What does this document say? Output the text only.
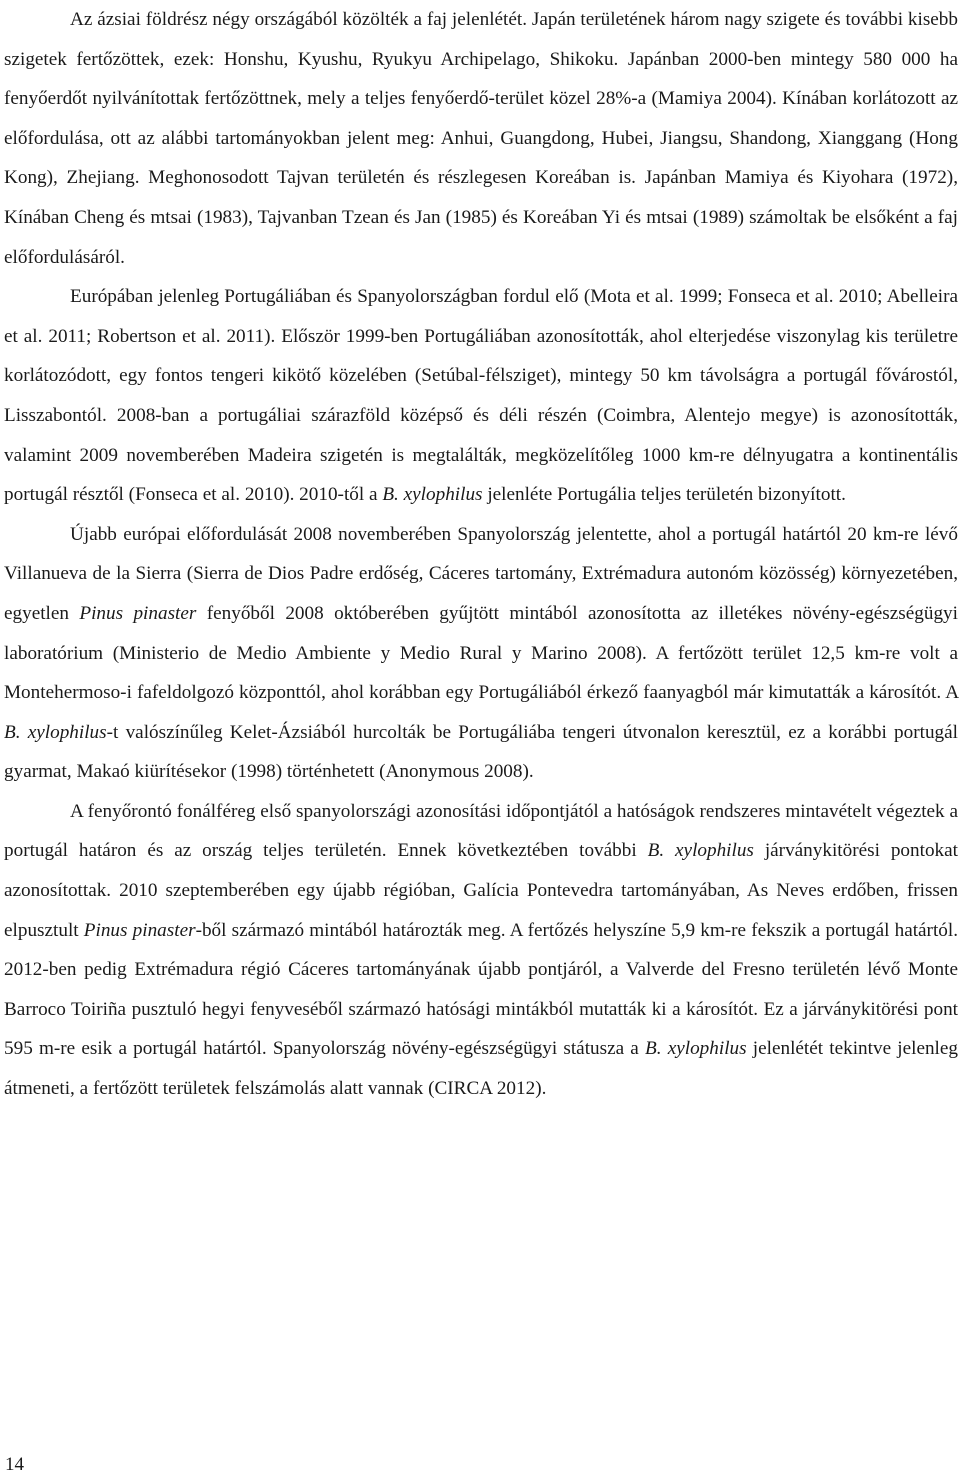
Az ázsiai földrész négy országából közölték a faj jelenlétét. Japán területének három nagy szigete és további kisebb szigetek fertőzöttek, ezek: Honshu, Kyushu, Ryukyu Archipelago, Shikoku. Japánban 2000-ben mintegy 580 000 ha fenyőerdőt nyilvánítottak fertőzöttnek, mely a teljes fenyőerdő-terület közel 28%-a (Mamiya 2004). Kínában korlátozott az előfordulása, ott az alábbi tartományokban jelent meg: Anhui, Guangdong, Hubei, Jiangsu, Shandong, Xianggang (Hong Kong), Zhejiang. Meghonosodott Tajvan területén és részlegesen Koreában is. Japánban Mamiya és Kiyohara (1972), Kínában Cheng és mtsai (1983), Tajvanban Tzean és Jan (1985) és Koreában Yi és mtsai (1989) számoltak be elsőként a faj előfordulásáról.

Európában jelenleg Portugáliában és Spanyolországban fordul elő (Mota et al. 1999; Fonseca et al. 2010; Abelleira et al. 2011; Robertson et al. 2011). Először 1999-ben Portugáliában azonosították, ahol elterjedése viszonylag kis területre korlátozódott, egy fontos tengeri kikötő közelében (Setúbal-félsziget), mintegy 50 km távolságra a portugál fővárostól, Lisszabontól. 2008-ban a portugáliai szárazföld középső és déli részén (Coimbra, Alentejo megye) is azonosították, valamint 2009 novemberében Madeira szigetén is megtalálták, megközelítőleg 1000 km-re délnyugatra a kontinentális portugál résztől (Fonseca et al. 2010). 2010-től a B. xylophilus jelenléte Portugália teljes területén bizonyított.

Újabb európai előfordulását 2008 novemberében Spanyolország jelentette, ahol a portugál határtól 20 km-re lévő Villanueva de la Sierra (Sierra de Dios Padre erdőség, Cáceres tartomány, Extrémadura autonóm közösség) környezetében, egyetlen Pinus pinaster fenyőből 2008 októberében gyűjtött mintából azonosította az illetékes növény-egészségügyi laboratórium (Ministerio de Medio Ambiente y Medio Rural y Marino 2008). A fertőzött terület 12,5 km-re volt a Montehermoso-i fafeldolgozó központtól, ahol korábban egy Portugáliából érkező faanyagból már kimutatták a károsítót. A B. xylophilus-t valószínűleg Kelet-Ázsiából hurcolták be Portugáliába tengeri útvonalon keresztül, ez a korábbi portugál gyarmat, Makaó kiürítésekor (1998) történhetett (Anonymous 2008).

A fenyőrontó fonálféreg első spanyolországi azonosítási időpontjától a hatóságok rendszeres mintavételt végeztek a portugál határon és az ország teljes területén. Ennek következtében további B. xylophilus járványkitörési pontokat azonosítottak. 2010 szeptemberében egy újabb régióban, Galícia Pontevedra tartományában, As Neves erdőben, frissen elpusztult Pinus pinaster-ből származó mintából határozták meg. A fertőzés helyszíne 5,9 km-re fekszik a portugál határtól. 2012-ben pedig Extrémadura régió Cáceres tartományának újabb pontjáról, a Valverde del Fresno területén lévő Monte Barroco Toiriña pusztuló hegyi fenyveséből származó hatósági mintákból mutatták ki a károsítót. Ez a járványkitörési pont 595 m-re esik a portugál határtól. Spanyolország növény-egészségügyi státusza a B. xylophilus jelenlétét tekintve jelenleg átmeneti, a fertőzött területek felszámolás alatt vannak (CIRCA 2012).

14
